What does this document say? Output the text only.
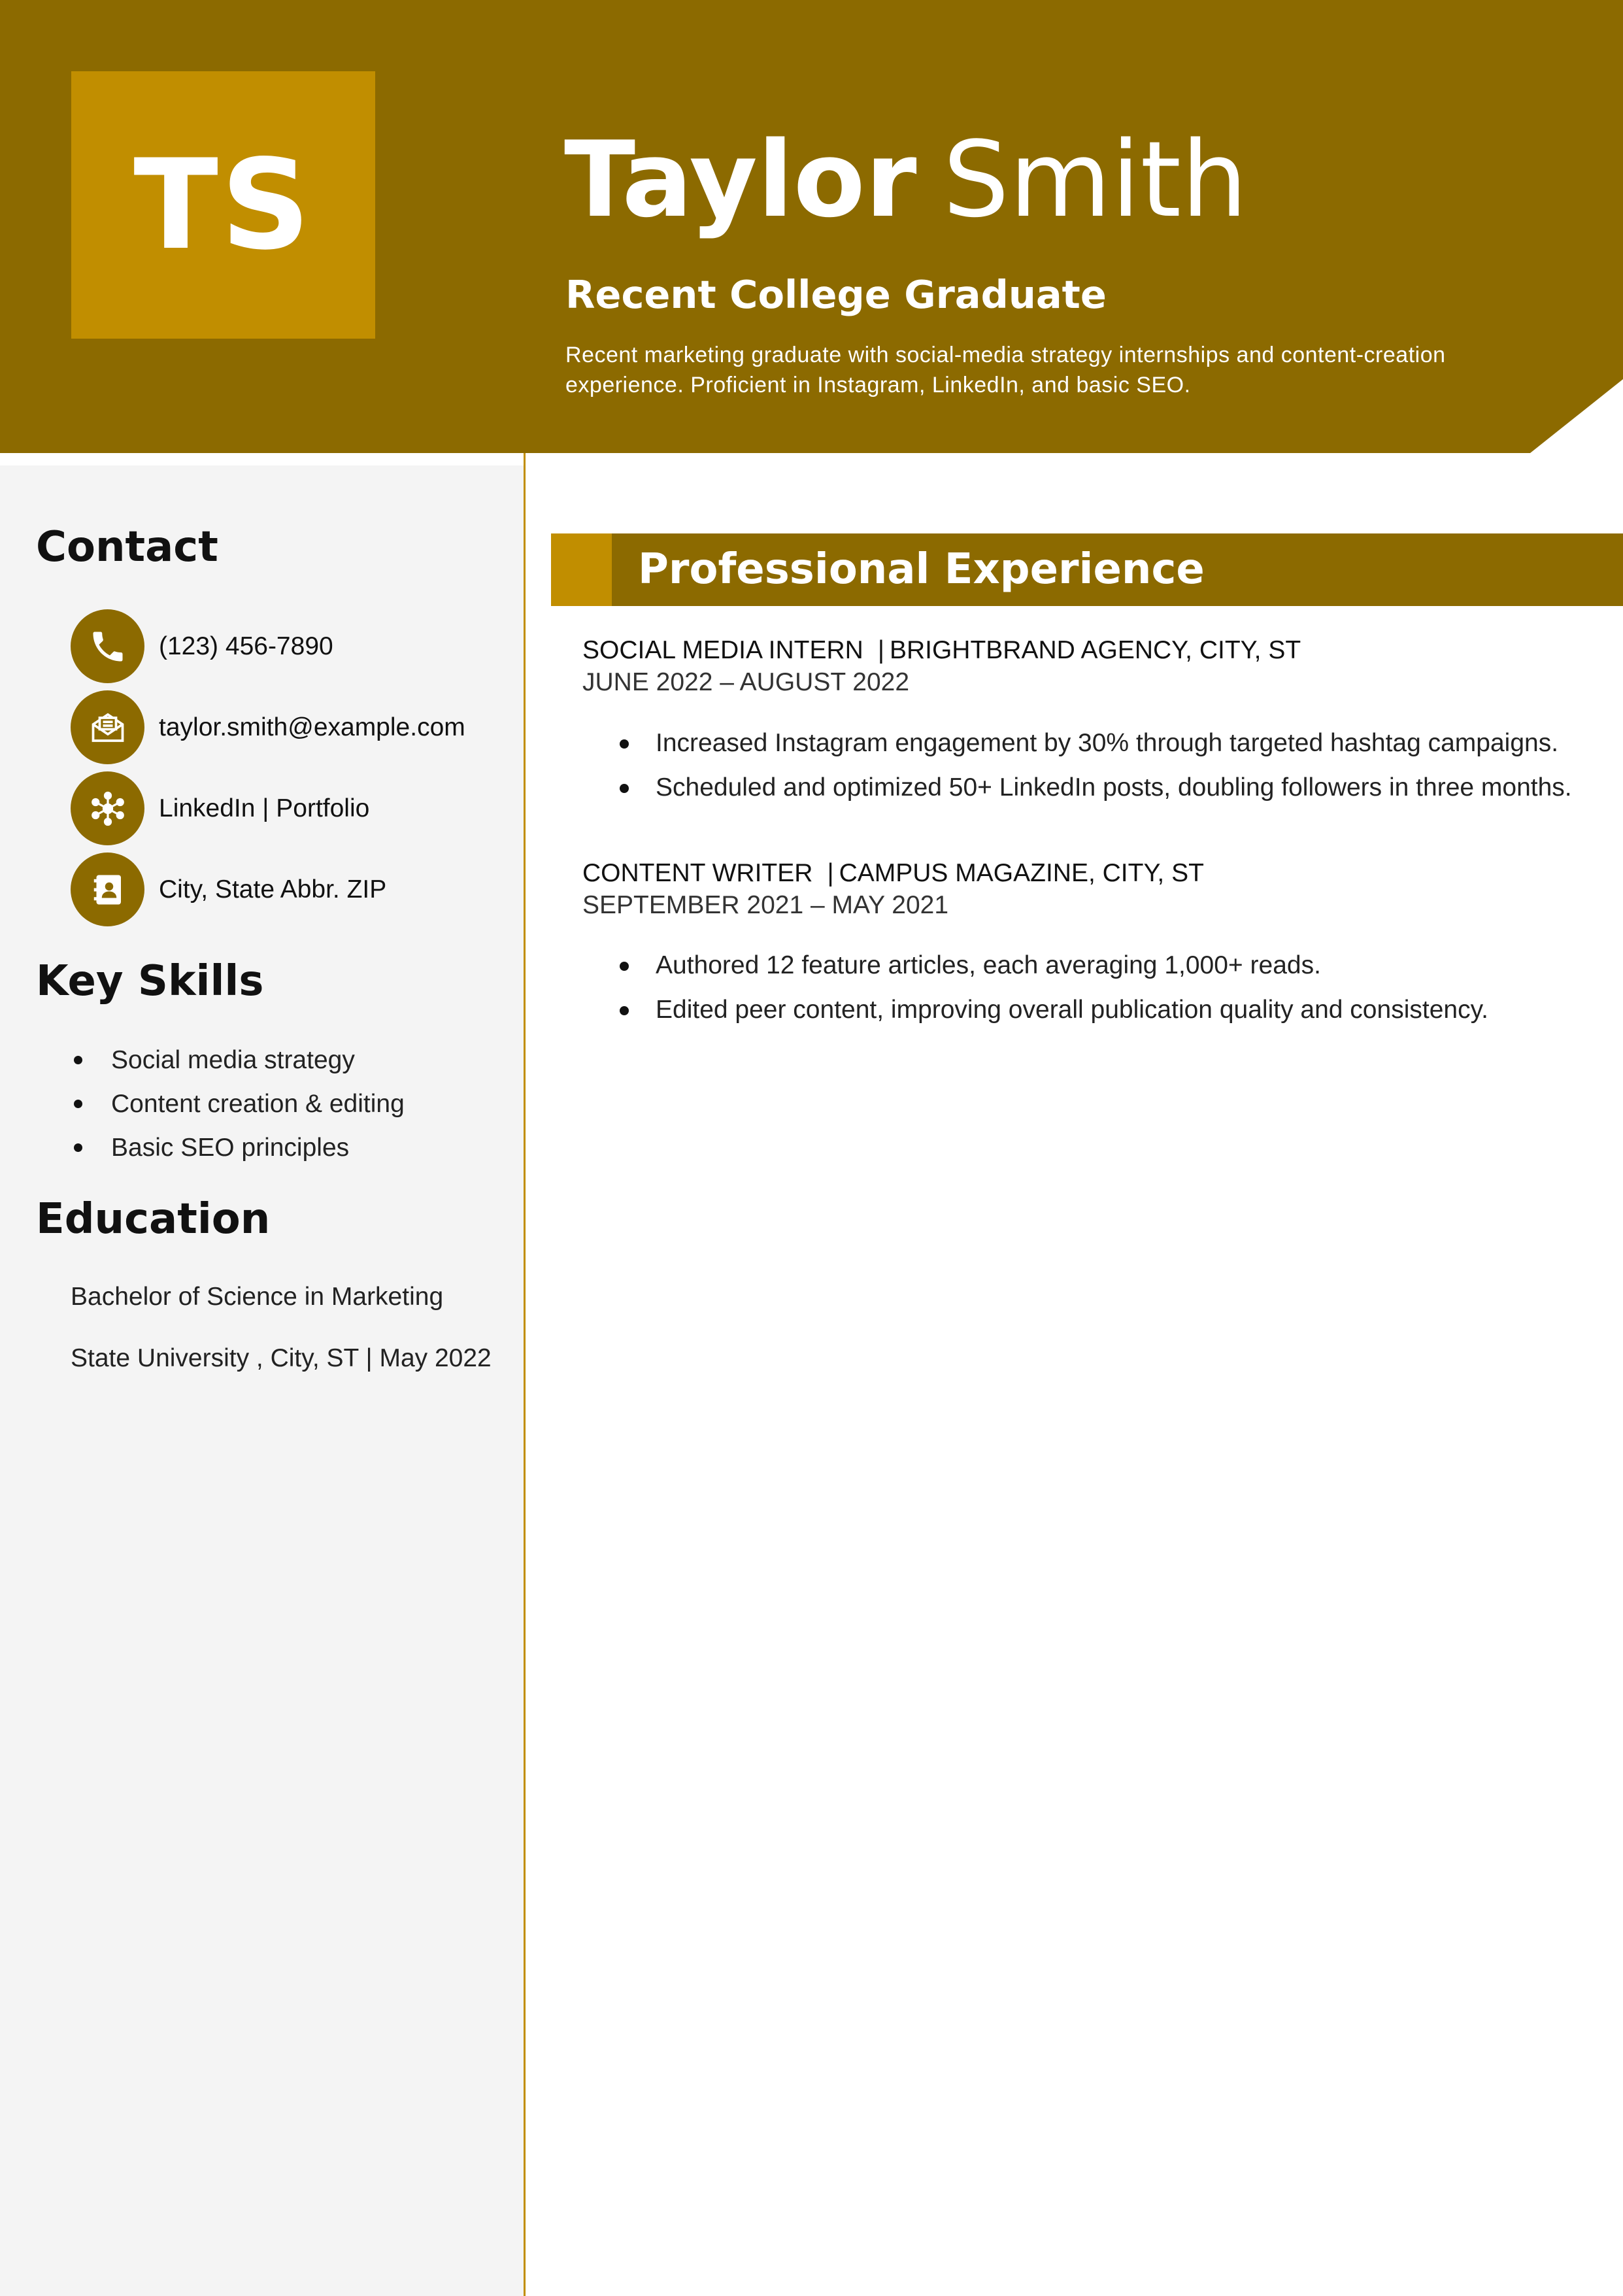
TS Taylor Smith
Recent College Graduate
Recent marketing graduate with social-media strategy internships and content-creation experience. Proficient in Instagram, LinkedIn, and basic SEO.
Contact
(123) 456-7890
taylor.smith@example.com
LinkedIn | Portfolio
City, State Abbr. ZIP
Key Skills
Social media strategy
Content creation & editing
Basic SEO principles
Education
Bachelor of Science in Marketing
State University , City, ST | May 2022
Professional Experience
SOCIAL MEDIA INTERN | BRIGHTBRAND AGENCY, CITY, ST
JUNE 2022 – AUGUST 2022
Increased Instagram engagement by 30% through targeted hashtag campaigns.
Scheduled and optimized 50+ LinkedIn posts, doubling followers in three months.
CONTENT WRITER | CAMPUS MAGAZINE, CITY, ST
SEPTEMBER 2021 – MAY 2021
Authored 12 feature articles, each averaging 1,000+ reads.
Edited peer content, improving overall publication quality and consistency.
